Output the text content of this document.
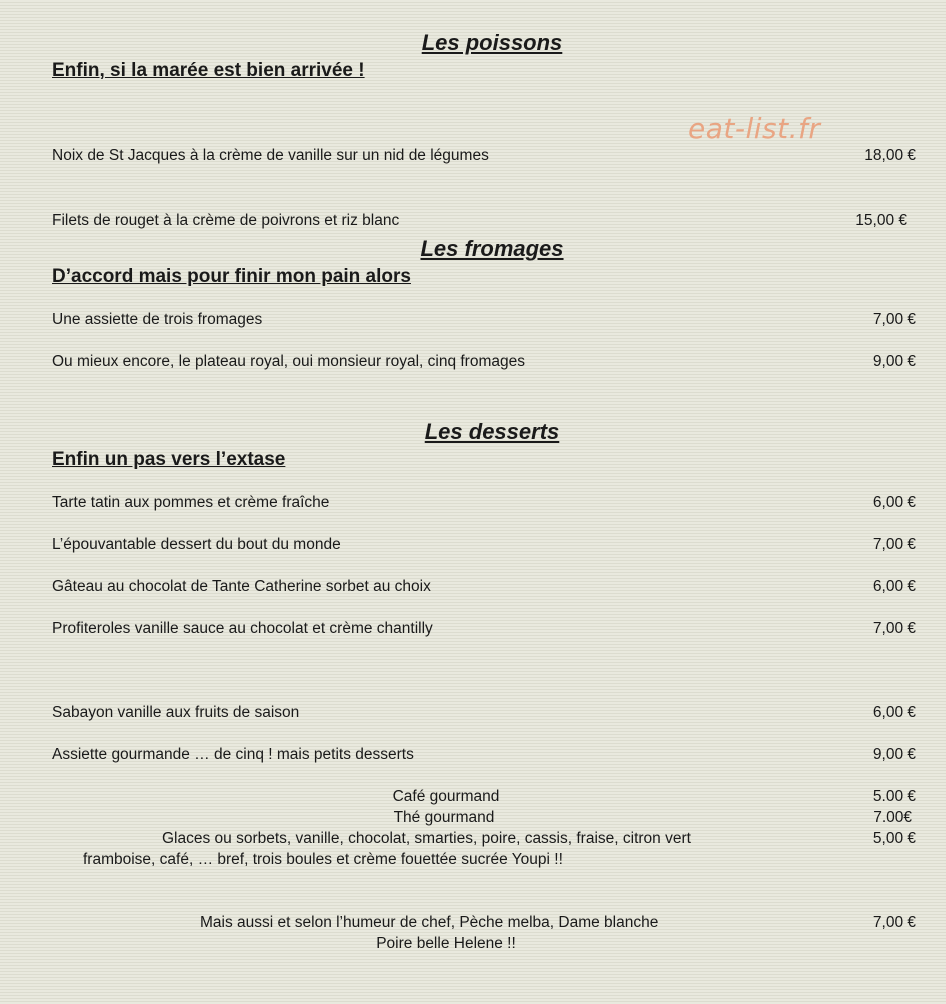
eat-list.fr
Les poissons
Enfin, si la marée est bien arrivée !
Noix de St Jacques à la crème de vanille sur un nid de légumes	18,00 €
Filets de rouget à la crème de poivrons et riz blanc	15,00 €
Les fromages
D’accord mais pour finir mon pain alors
Une assiette de trois fromages	7,00 €
Ou mieux encore, le plateau royal, oui monsieur royal, cinq fromages	9,00 €
Les desserts
Enfin un pas vers l’extase
Tarte tatin aux pommes et crème fraîche	6,00 €
L’épouvantable dessert du bout du monde	7,00 €
Gâteau au chocolat de Tante Catherine sorbet au choix	6,00 €
Profiteroles vanille sauce au chocolat et crème chantilly	7,00 €
Sabayon vanille aux fruits de saison	6,00 €
Assiette gourmande … de cinq ! mais petits desserts	9,00 €
Café gourmand	5.00 €
Thé gourmand	7.00€
Glaces ou sorbets, vanille, chocolat, smarties, poire, cassis, fraise, citron vert	5,00 €
framboise, café, … bref, trois boules et crème fouettée sucrée Youpi !!
Mais aussi et selon l’humeur de chef, Pèche melba, Dame blanche	7,00 €
Poire belle Helene !!
